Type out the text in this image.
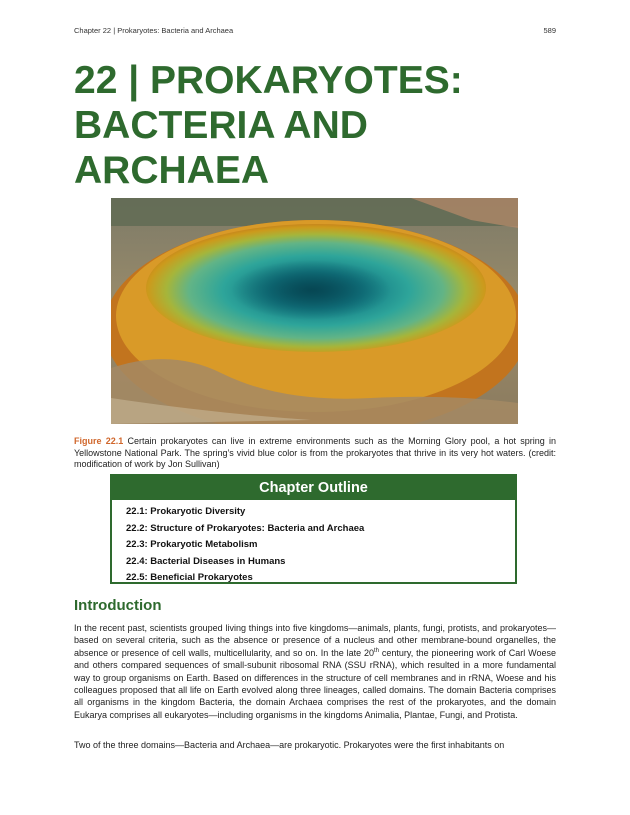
Chapter 22 | Prokaryotes: Bacteria and Archaea	589
22 | PROKARYOTES: BACTERIA AND ARCHAEA

Figure 22.1 Certain prokaryotes can live in extreme environments such as the Morning Glory pool, a hot spring in Yellowstone National Park. The spring’s vivid blue color is from the prokaryotes that thrive in its very hot waters. (credit: modification of work by Jon Sullivan)

Chapter Outline
22.1: Prokaryotic Diversity
22.2: Structure of Prokaryotes: Bacteria and Archaea
22.3: Prokaryotic Metabolism
22.4: Bacterial Diseases in Humans
22.5: Beneficial Prokaryotes
Introduction

In the recent past, scientists grouped living things into five kingdoms—animals, plants, fungi, protists, and prokaryotes—based on several criteria, such as the absence or presence of a nucleus and other membrane-bound organelles, the absence or presence of cell walls, multicellularity, and so on. In the late 20th century, the pioneering work of Carl Woese and others compared sequences of small-subunit ribosomal RNA (SSU rRNA), which resulted in a more fundamental way to group organisms on Earth. Based on differences in the structure of cell membranes and in rRNA, Woese and his colleagues proposed that all life on Earth evolved along three lineages, called domains. The domain Bacteria comprises all organisms in the kingdom Bacteria, the domain Archaea comprises the rest of the prokaryotes, and the domain Eukarya comprises all eukaryotes—including organisms in the kingdoms Animalia, Plantae, Fungi, and Protista.

Two of the three domains—Bacteria and Archaea—are prokaryotic. Prokaryotes were the first inhabitants on
